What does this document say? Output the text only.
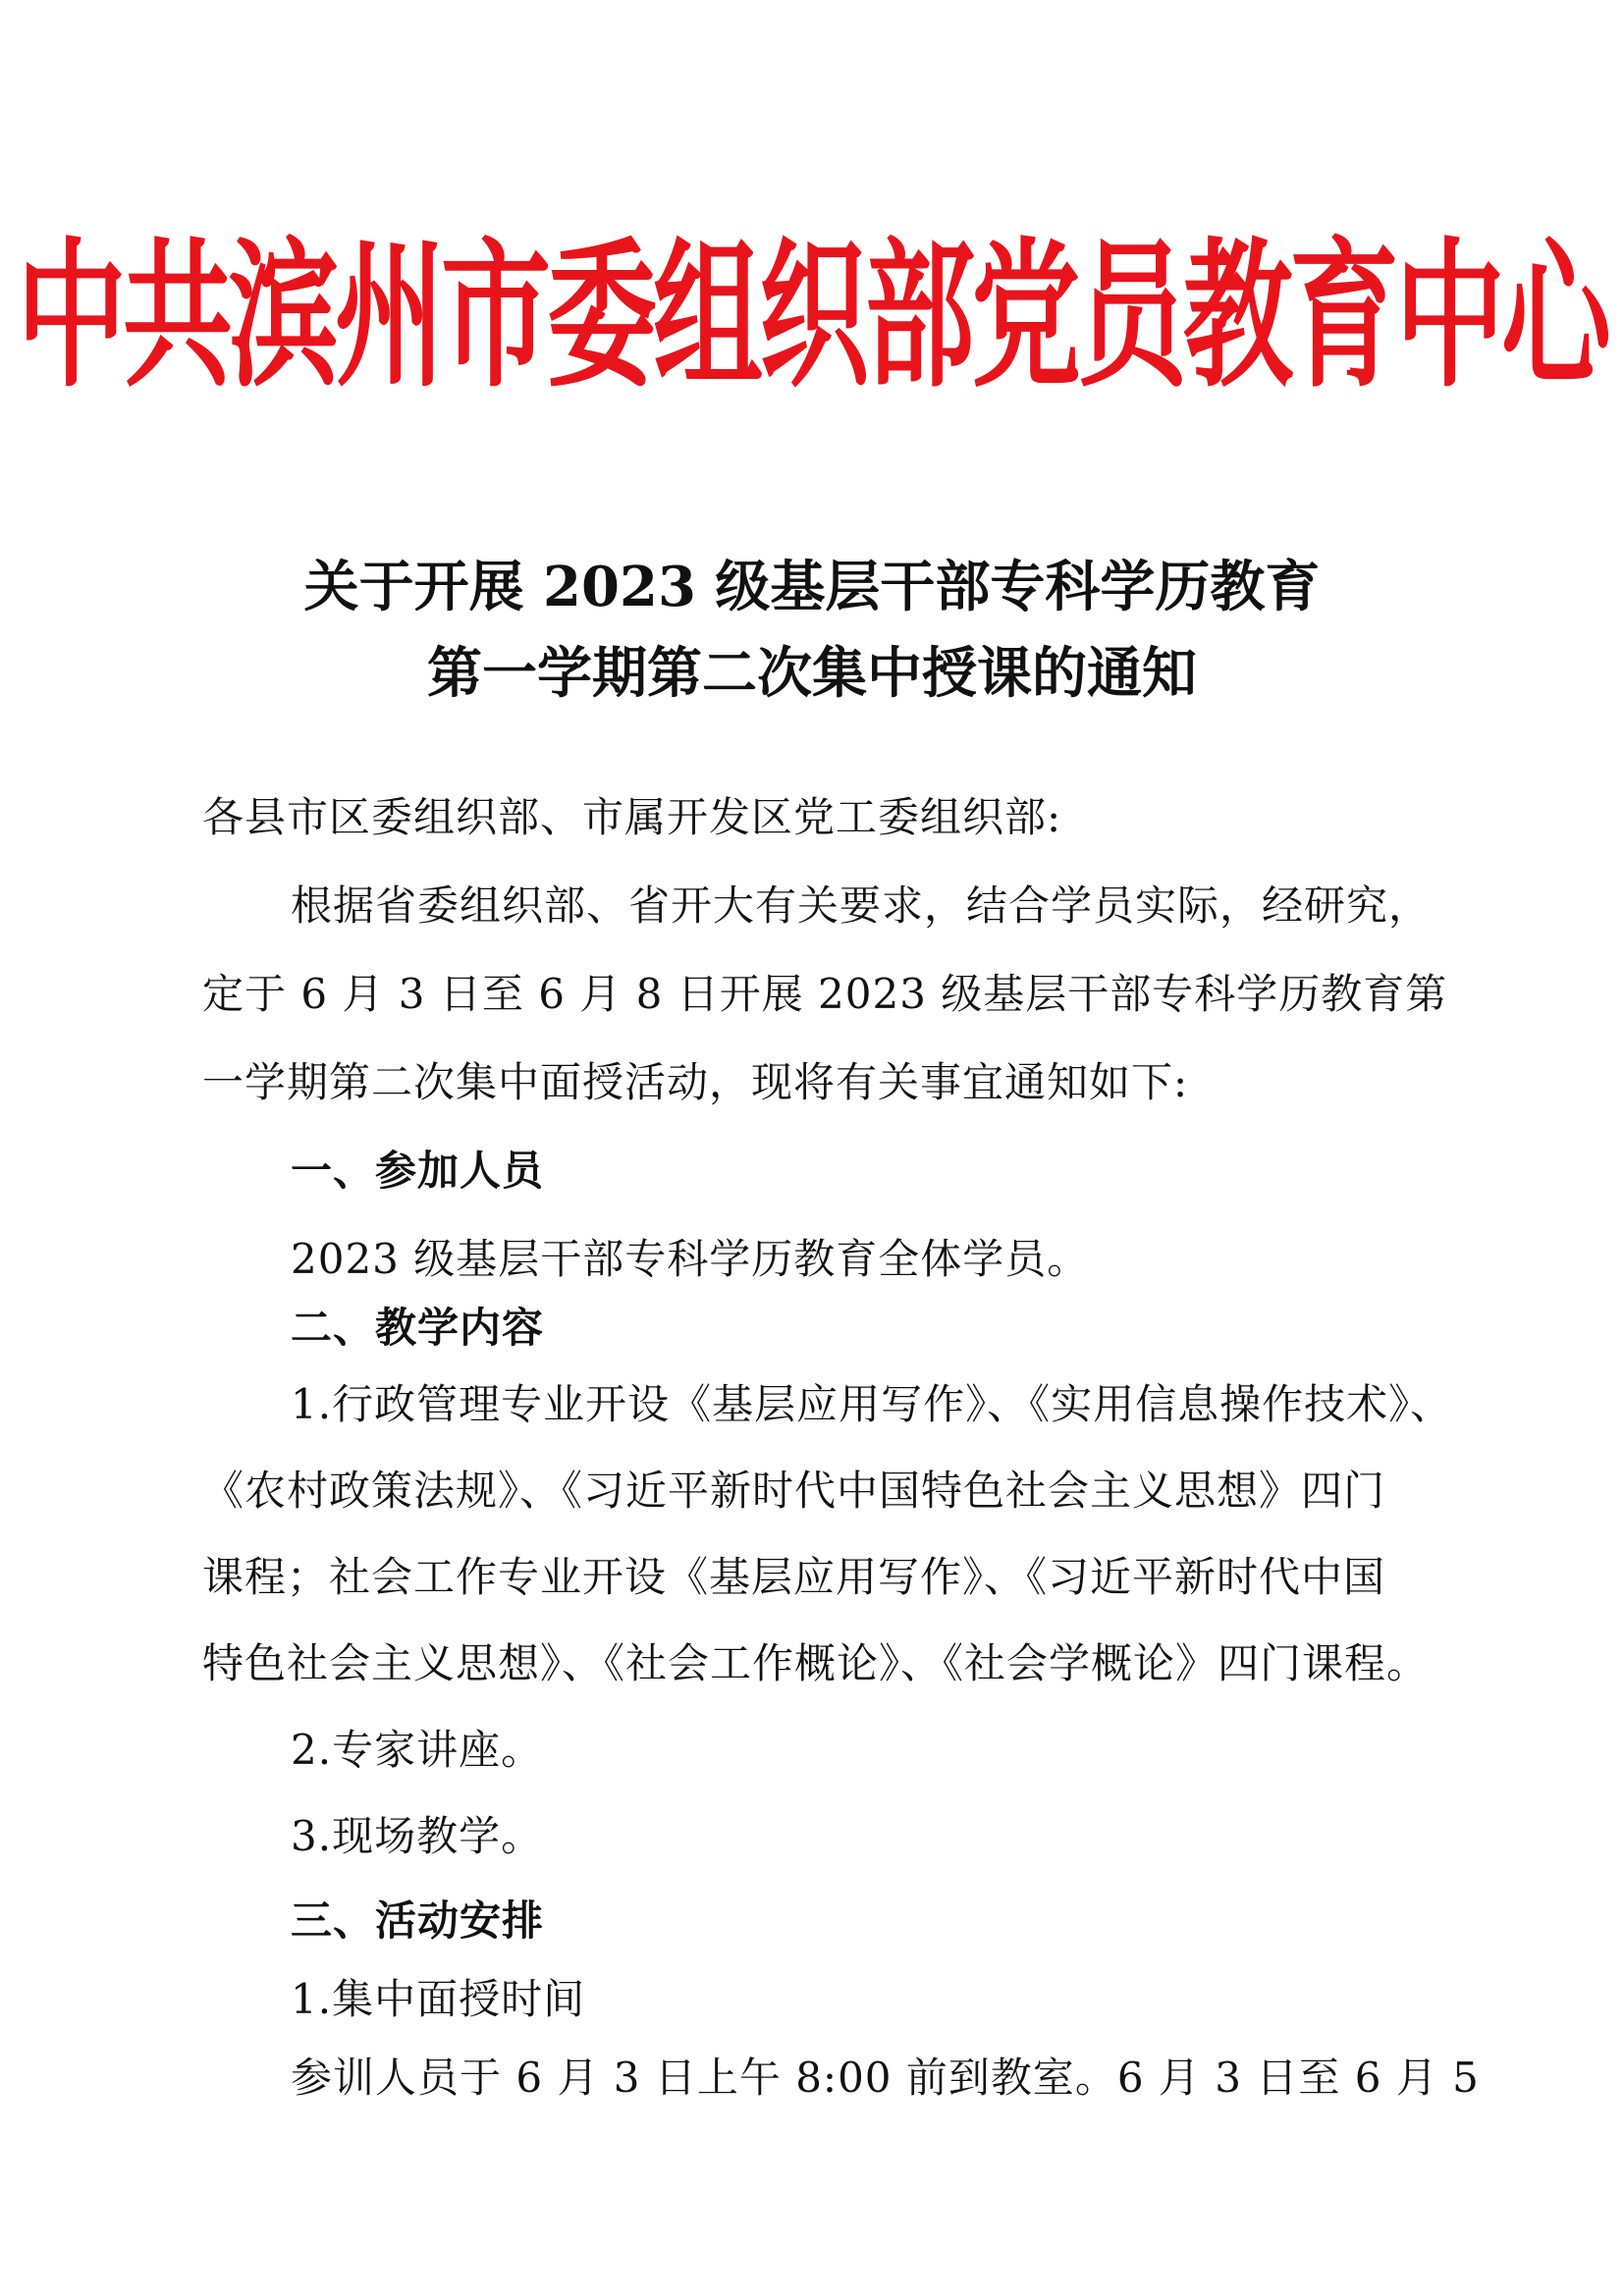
中共滨州市委组织部党员教育中心
关于开展 2023 级基层干部专科学历教育
第一学期第二次集中授课的通知
各县市区委组织部、市属开发区党工委组织部:
根据省委组织部、省开大有关要求，结合学员实际，经研究，
定于 6 月 3 日至 6 月 8 日开展 2023 级基层干部专科学历教育第
一学期第二次集中面授活动，现将有关事宜通知如下:
一、参加人员
2023 级基层干部专科学历教育全体学员。
二、教学内容
1.行政管理专业开设《基层应用写作》、《实用信息操作技术》、
《农村政策法规》、《习近平新时代中国特色社会主义思想》四门
课程；社会工作专业开设《基层应用写作》、《习近平新时代中国
特色社会主义思想》、《社会工作概论》、《社会学概论》四门课程。
2.专家讲座。
3.现场教学。
三、活动安排
1.集中面授时间
参训人员于 6 月 3 日上午 8:00 前到教室。6 月 3 日至 6 月 5
